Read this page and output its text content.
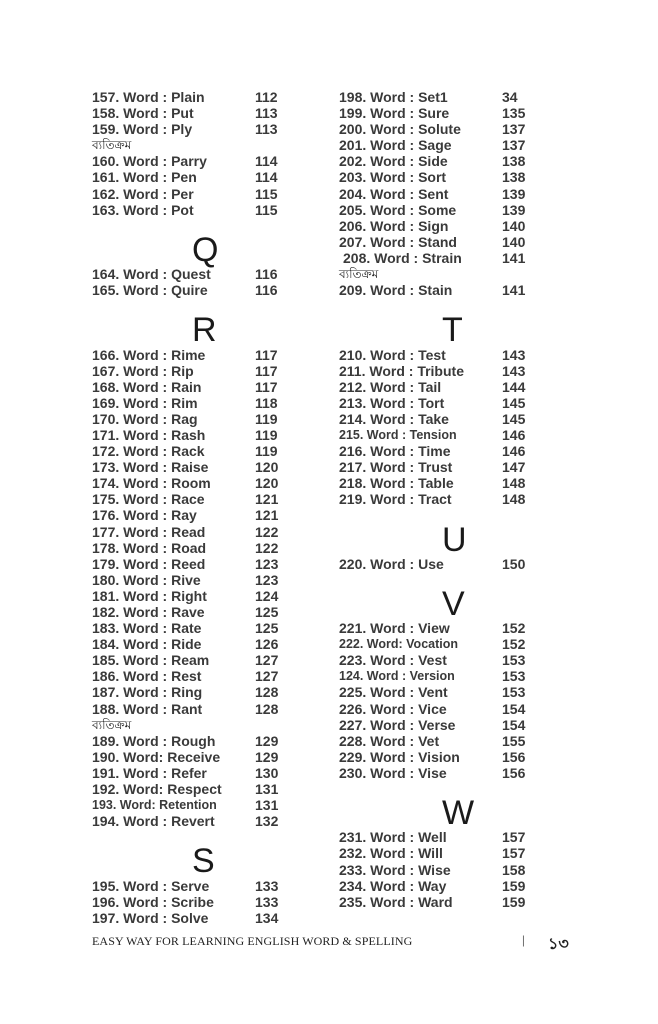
157. Word : Plain	112
158. Word : Put	113
159. Word : Ply	113
ব্যতিক্রম
160. Word : Parry	114
161. Word : Pen	114
162. Word : Per	115
163. Word : Pot	115
Q
164. Word : Quest	116
165. Word : Quire	116
R
166. Word : Rime	117
167. Word : Rip	117
168. Word : Rain	117
169. Word : Rim	118
170. Word : Rag	119
171. Word : Rash	119
172. Word : Rack	119
173. Word : Raise	120
174. Word : Room	120
175. Word : Race	121
176. Word : Ray	121
177. Word : Read	122
178. Word : Road	122
179. Word : Reed	123
180. Word : Rive	123
181. Word : Right	124
182. Word : Rave	125
183. Word : Rate	125
184. Word : Ride	126
185. Word : Ream	127
186. Word : Rest	127
187. Word : Ring	128
188. Word : Rant	128
ব্যতিক্রম
189. Word : Rough	129
190. Word: Receive 129
191. Word : Refer	130
192. Word: Respect 131
193. Word: Retention	131
194. Word : Revert	132
S
195. Word : Serve	133
196. Word : Scribe	133
197. Word : Solve	134
198. Word : Set1	34
199. Word : Sure	135
200. Word : Solute	137
201. Word : Sage	137
202. Word : Side	138
203. Word : Sort	138
204. Word : Sent	139
205. Word : Some	139
206. Word : Sign	140
207. Word : Stand	140
208. Word : Strain	141
ব্যতিক্রম
209. Word : Stain	141
T
210. Word : Test	143
211. Word : Tribute	143
212. Word : Tail	144
213. Word : Tort	145
214. Word : Take	145
215. Word : Tension	146
216. Word : Time	146
217. Word : Trust	147
218. Word : Table	148
219. Word : Tract	148
U
220. Word : Use	150
V
221. Word : View	152
222. Word: Vocation	152
223. Word : Vest	153
124. Word : Version	153
225. Word : Vent	153
226. Word : Vice	154
227. Word : Verse	154
228. Word : Vet	155
229. Word : Vision	156
230. Word : Vise	156
W
231. Word : Well	157
232. Word : Will	157
233. Word : Wise	158
234. Word : Way	159
235. Word : Ward	159
EASY WAY FOR LEARNING ENGLISH WORD & SPELLING	| ১৩
